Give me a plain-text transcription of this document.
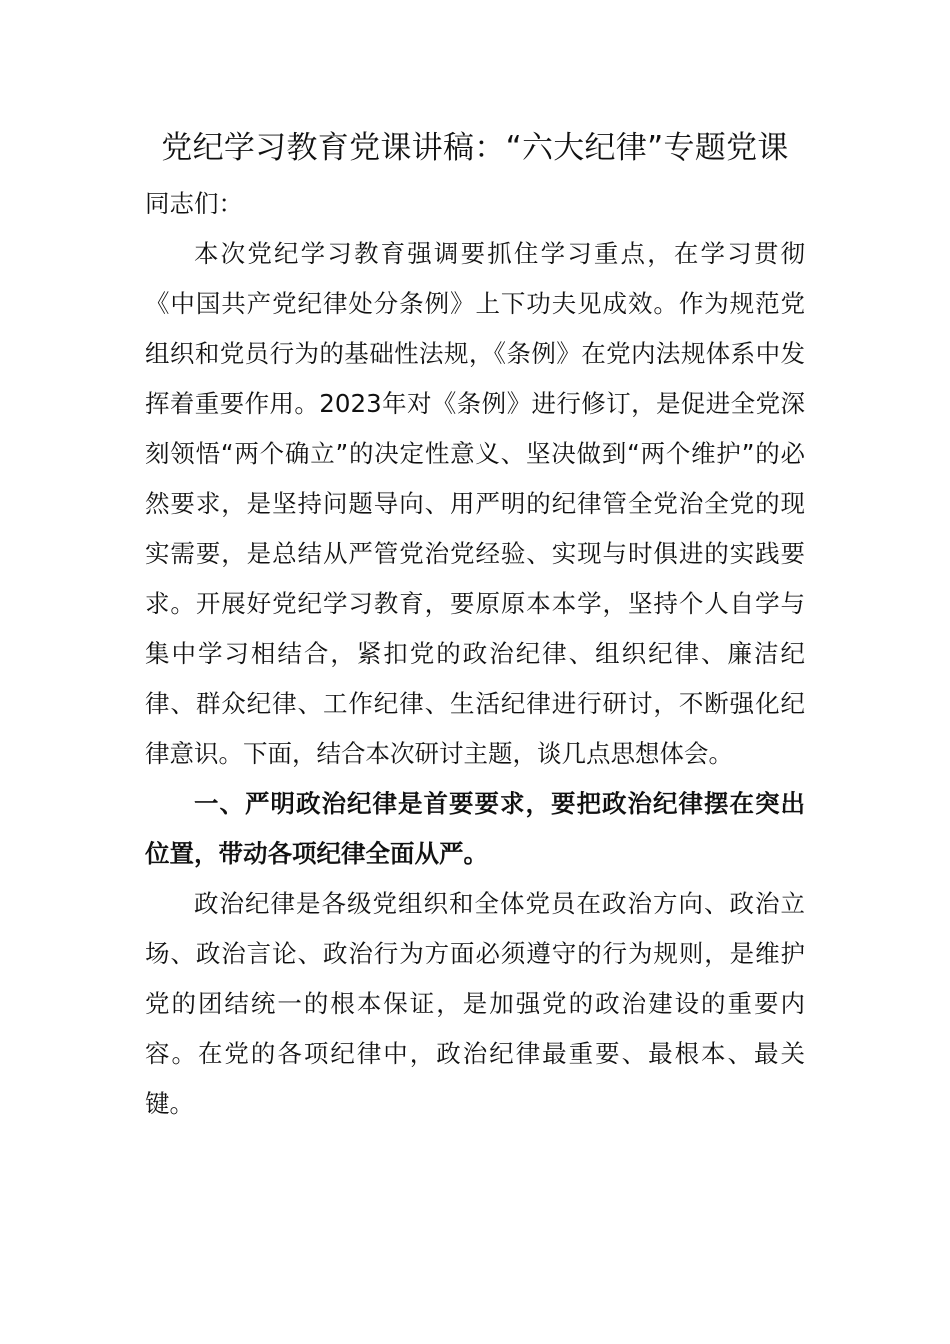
党纪学习教育党课讲稿：“六大纪律”专题党课

同志们：

本次党纪学习教育强调要抓住学习重点，在学习贯彻《中国共产党纪律处分条例》上下功夫见成效。作为规范党组织和党员行为的基础性法规，《条例》在党内法规体系中发挥着重要作用。2023年对《条例》进行修订，是促进全党深刻领悟“两个确立”的决定性意义、坚决做到“两个维护”的必然要求，是坚持问题导向、用严明的纪律管全党治全党的现实需要，是总结从严管党治党经验、实现与时俱进的实践要求。开展好党纪学习教育，要原原本本学，坚持个人自学与集中学习相结合，紧扣党的政治纪律、组织纪律、廉洁纪律、群众纪律、工作纪律、生活纪律进行研讨，不断强化纪律意识。下面，结合本次研讨主题，谈几点思想体会。

一、严明政治纪律是首要要求，要把政治纪律摆在突出位置，带动各项纪律全面从严。

政治纪律是各级党组织和全体党员在政治方向、政治立场、政治言论、政治行为方面必须遵守的行为规则，是维护党的团结统一的根本保证，是加强党的政治建设的重要内容。在党的各项纪律中，政治纪律最重要、最根本、最关键。
